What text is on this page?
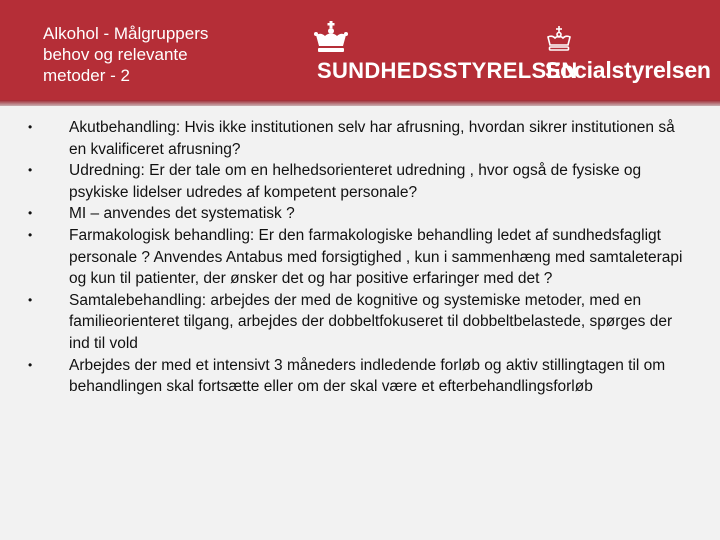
Alkohol - Målgruppers
behov og relevante
metoder - 2	SUNDHEDSSTYRELSEN
Socialstyrelsen
•	Akutbehandling: Hvis ikke institutionen selv har afrusning, hvordan sikrer institutionen så en kvalificeret afrusning?
•	Udredning: Er der tale om en helhedsorienteret udredning , hvor også de fysiske og psykiske lidelser udredes af kompetent personale?
•	MI – anvendes det systematisk ?
•	Farmakologisk behandling: Er den farmakologiske behandling ledet af sundhedsfagligt personale ? Anvendes Antabus med forsigtighed , kun i sammenhæng med samtaleterapi og kun til patienter, der ønsker det og har positive erfaringer med det ?
•	Samtalebehandling: arbejdes der med de kognitive og systemiske metoder, med en familieorienteret tilgang, arbejdes der dobbeltfokuseret til dobbeltbelastede, spørges der ind til vold
•	Arbejdes der med et intensivt 3 måneders indledende forløb og aktiv stillingtagen til om behandlingen skal fortsætte eller om der skal være et efterbehandlingsforløb
